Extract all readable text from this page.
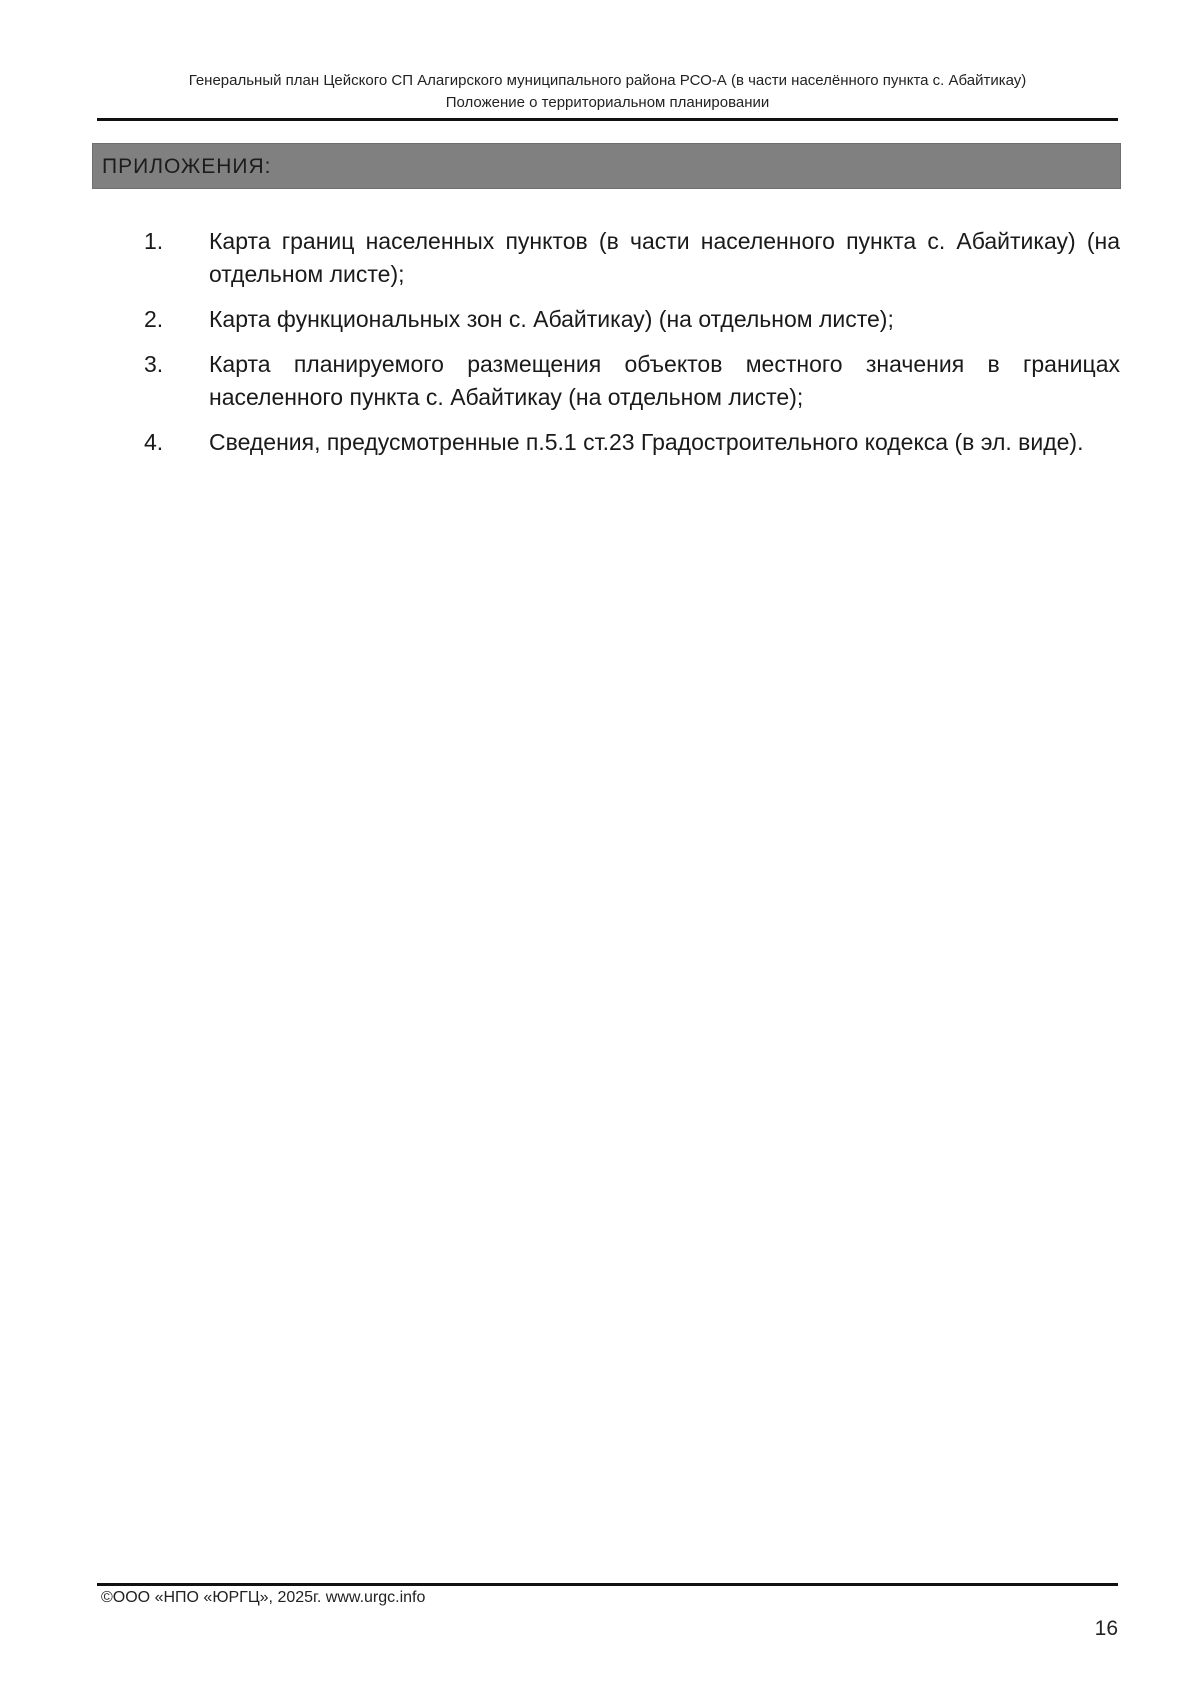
Генеральный план Цейского СП Алагирского муниципального района РСО-А (в части населённого пункта с. Абайтикау)
Положение о территориальном планировании
ПРИЛОЖЕНИЯ:
1.	Карта границ населенных пунктов (в части населенного пункта с. Абайтикау) (на отдельном листе);
2.	Карта функциональных зон с. Абайтикау) (на отдельном листе);
3.	Карта планируемого размещения объектов местного значения в границах населенного пункта с. Абайтикау (на отдельном листе);
4.	Сведения, предусмотренные п.5.1 ст.23 Градостроительного кодекса (в эл. виде).
©ООО «НПО «ЮРГЦ», 2025г. www.urgc.info
16
